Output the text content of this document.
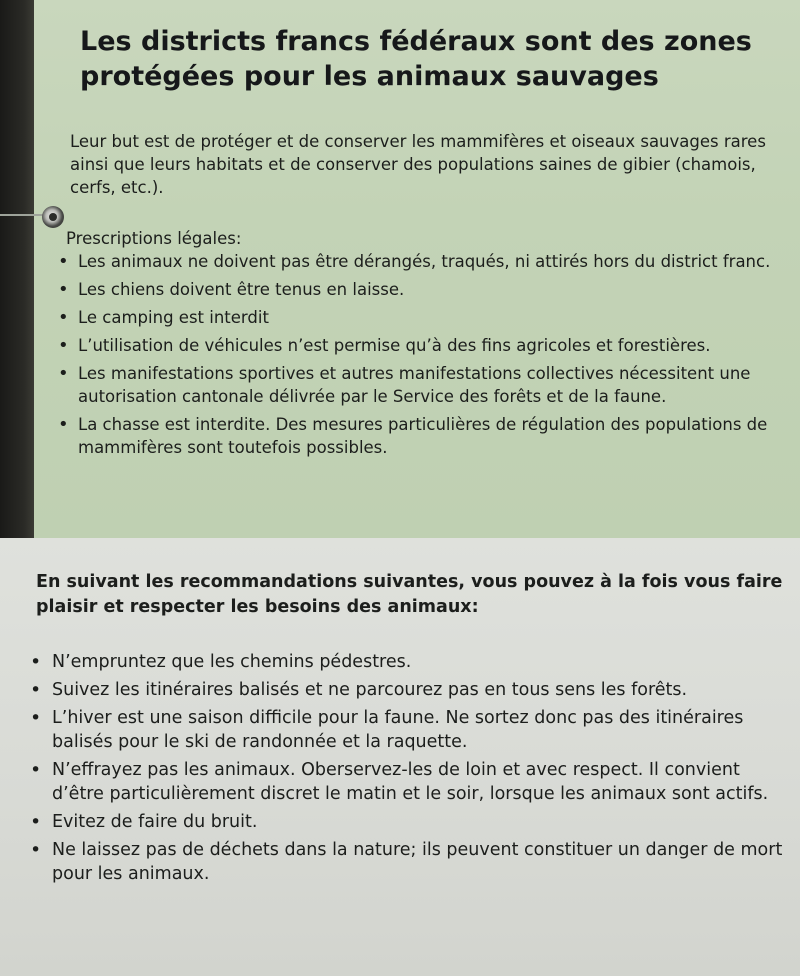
Les districts francs fédéraux sont des zones protégées pour les animaux sauvages

Leur but est de protéger et de conserver les mammifères et oiseaux sauvages rares ainsi que leurs habitats et de conserver des populations saines de gibier (chamois, cerfs, etc.).

Prescriptions légales:
• Les animaux ne doivent pas être dérangés, traqués, ni attirés hors du district franc.
• Les chiens doivent être tenus en laisse.
• Le camping est interdit
• L’utilisation de véhicules n’est permise qu’à des fins agricoles et forestières.
• Les manifestations sportives et autres manifestations collectives nécessitent une autorisation cantonale délivrée par le Service des forêts et de la faune.
• La chasse est interdite. Des mesures particulières de régulation des populations de mammifères sont toutefois possibles.

En suivant les recommandations suivantes, vous pouvez à la fois vous faire plaisir et respecter les besoins des animaux:

• N’empruntez que les chemins pédestres.
• Suivez les itinéraires balisés et ne parcourez pas en tous sens les forêts.
• L’hiver est une saison difficile pour la faune. Ne sortez donc pas des itinéraires balisés pour le ski de randonnée et la raquette.
• N’effrayez pas les animaux. Oberservez-les de loin et avec respect. Il convient d’être particulièrement discret le matin et le soir, lorsque les animaux sont actifs.
• Evitez de faire du bruit.
• Ne laissez pas de déchets dans la nature; ils peuvent constituer un danger de mort pour les animaux.
